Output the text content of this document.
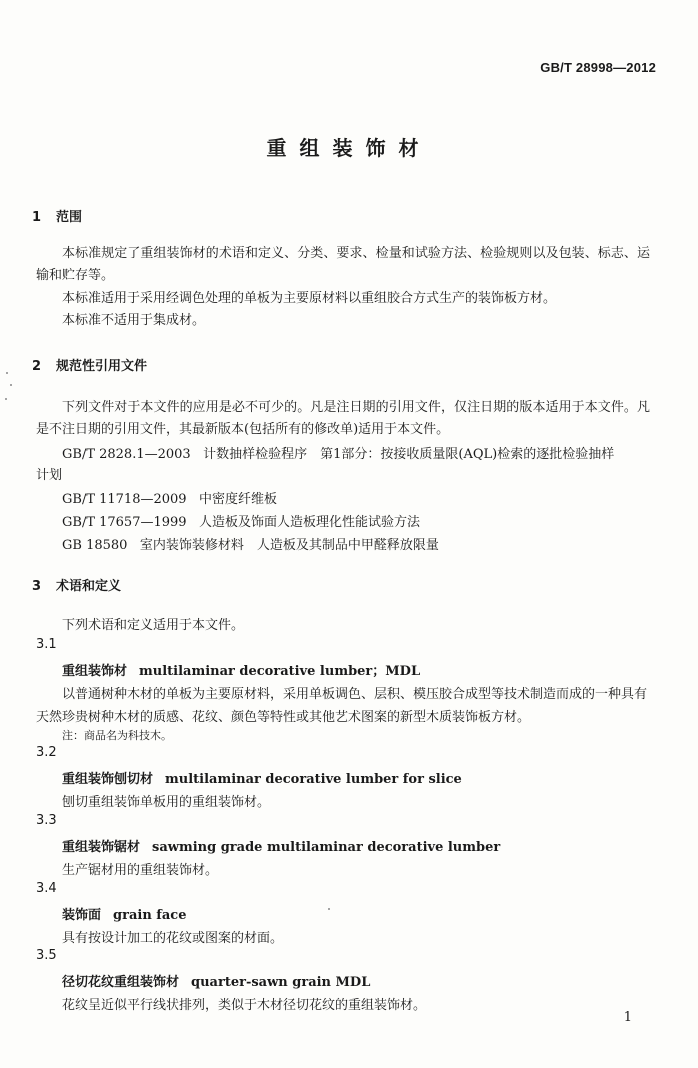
GB/T 28998—2012
重组装饰材
1 范围
本标准规定了重组装饰材的术语和定义、分类、要求、检量和试验方法、检验规则以及包装、标志、运输和贮存等。
本标准适用于采用经调色处理的单板为主要原材料以重组胶合方式生产的装饰板方材。
本标准不适用于集成材。
2 规范性引用文件
下列文件对于本文件的应用是必不可少的。凡是注日期的引用文件，仅注日期的版本适用于本文件。凡是不注日期的引用文件，其最新版本(包括所有的修改单)适用于本文件。
GB/T 2828.1—2003 计数抽样检验程序　第1部分：按接收质量限(AQL)检索的逐批检验抽样
计划
GB/T 11718—2009 中密度纤维板
GB/T 17657—1999 人造板及饰面人造板理化性能试验方法
GB 18580 室内装饰装修材料　人造板及其制品中甲醛释放限量
3 术语和定义
下列术语和定义适用于本文件。
3.1
重组装饰材 multilaminar decorative lumber；MDL
以普通树种木材的单板为主要原材料，采用单板调色、层积、模压胶合成型等技术制造而成的一种具有天然珍贵树种木材的质感、花纹、颜色等特性或其他艺术图案的新型木质装饰板方材。
注：商品名为科技木。
3.2
重组装饰刨切材 multilaminar decorative lumber for slice
刨切重组装饰单板用的重组装饰材。
3.3
重组装饰锯材 sawming grade multilaminar decorative lumber
生产锯材用的重组装饰材。
3.4
装饰面 grain face
具有按设计加工的花纹或图案的材面。
3.5
径切花纹重组装饰材 quarter-sawn grain MDL
花纹呈近似平行线状排列，类似于木材径切花纹的重组装饰材。
1
